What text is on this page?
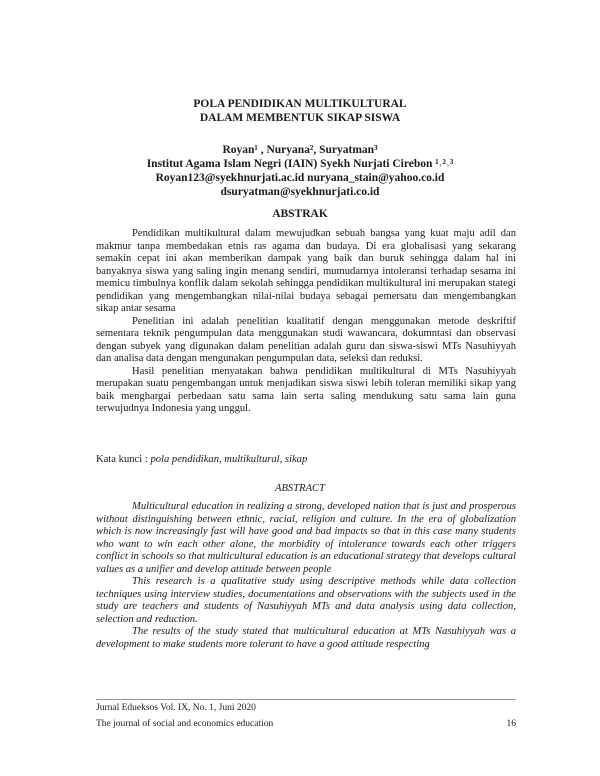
POLA PENDIDIKAN MULTIKULTURAL
DALAM MEMBENTUK SIKAP SISWA
Royan¹ , Nuryana², Suryatman³
Institut Agama Islam Negri (IAIN) Syekh Nurjati Cirebon ¹˒²˒³
Royan123@syekhnurjati.ac.id nuryana_stain@yahoo.co.id
dsuryatman@syekhnurjati.co.id
ABSTRAK

Pendidikan multikultural dalam mewujudkan sebuah bangsa yang kuat maju adil dan makmur tanpa membedakan etnis ras agama dan budaya. Di era globalisasi yang sekarang semakin cepat ini akan memberikan dampak yang baik dan buruk sehingga dalam hal ini banyaknya siswa yang saling ingin menang sendiri, mumudarnya intoleransi terhadap sesama ini memicu timbulnya konflik dalam sekolah sehingga pendidikan multikultural ini merupakan stategi pendidikan yang mengembangkan nilai-nilai budaya sebagai pemersatu dan mengembangkan sikap antar sesama

Penelitian ini adalah penelitian kualitatif dengan menggunakan metode deskriftif sementara teknik pengumpulan data menggunakan studi wawancara, dokumntasi dan observasi dengan subyek yang digunakan dalam penelitian adalah guru dan siswa-siswi MTs Nasuhiyyah dan analisa data dengan mengunakan pengumpulan data, seleksi dan reduksi.

Hasil penelitian menyatakan bahwa pendidikan multikultural di MTs Nasuhiyyah merupakan suatu pengembangan untuk menjadikan siswa siswi lebih toleran memiliki sikap yang baik menghargai perbedaan satu sama lain serta saling mendukung satu sama lain guna terwujudnya Indonesia yang unggul.

Kata kunci : pola pendidikan, multikultural, sikap
ABSTRACT

Multicultural education in realizing a strong, developed nation that is just and prosperous without distinguishing between ethnic, racial, religion and culture. In the era of globalization which is now increasingly fast will have good and bad impacts so that in this case many students who want to win each other alone, the morbidity of intolerance towards each other triggers conflict in schools so that multicultural education is an educational strategy that develops cultural values as a unifier and develop attitude between people

This research is a qualitative study using descriptive methods while data collection techniques using interview studies, documentations and observations with the subjects used in the study are teachers and students of Nasuhiyyah MTs and data analysis using data collection, selection and reduction.

The results of the study stated that multicultural education at MTs Nasuhiyyah was a development to make students more tolerant to have a good attitude respecting

Jurnal Edueksos Vol. IX, No. 1, Juni 2020
The journal of social and economics education	16
